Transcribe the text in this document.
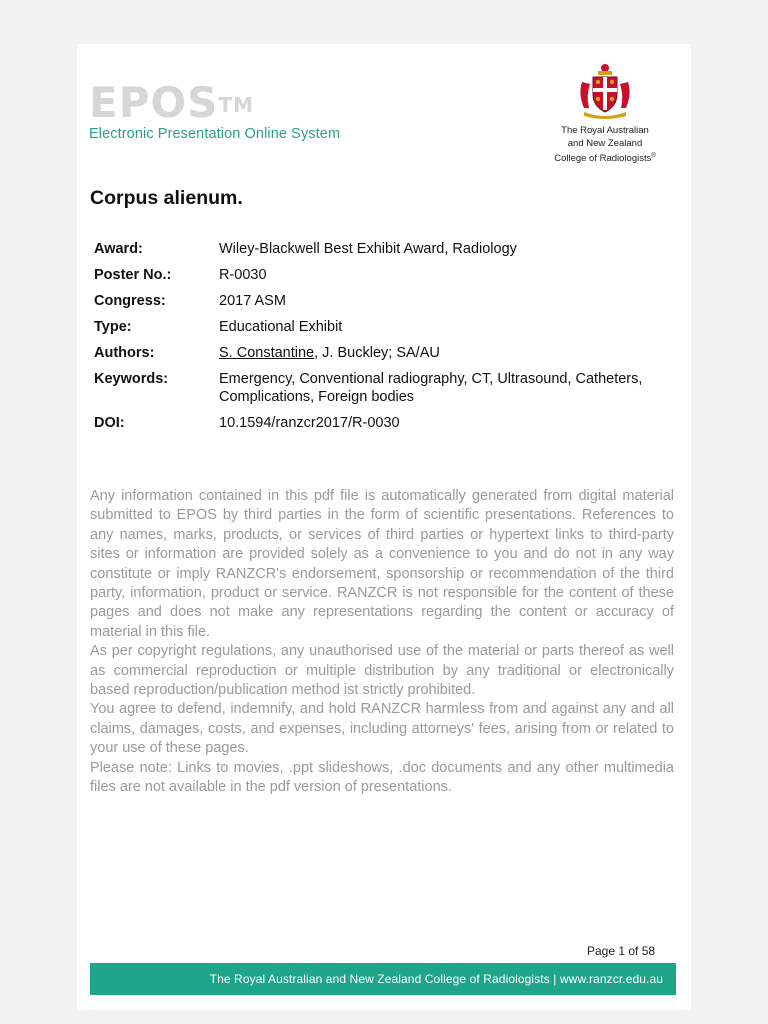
EPOS™
Electronic Presentation Online System	The Royal Australian
and New Zealand
College of Radiologists®
Corpus alienum.
Award:	Wiley-Blackwell Best Exhibit Award, Radiology
Poster No.:	R-0030
Congress:	2017 ASM
Type:	Educational Exhibit
Authors:	S. Constantine, J. Buckley; SA/AU
Keywords:	Emergency, Conventional radiography, CT, Ultrasound, Catheters, Complications, Foreign bodies
DOI:	10.1594/ranzcr2017/R-0030

Any information contained in this pdf file is automatically generated from digital material submitted to EPOS by third parties in the form of scientific presentations. References to any names, marks, products, or services of third parties or hypertext links to third-party sites or information are provided solely as a convenience to you and do not in any way constitute or imply RANZCR's endorsement, sponsorship or recommendation of the third party, information, product or service. RANZCR is not responsible for the content of these pages and does not make any representations regarding the content or accuracy of material in this file.

As per copyright regulations, any unauthorised use of the material or parts thereof as well as commercial reproduction or multiple distribution by any traditional or electronically based reproduction/publication method ist strictly prohibited.

You agree to defend, indemnify, and hold RANZCR harmless from and against any and all claims, damages, costs, and expenses, including attorneys' fees, arising from or related to your use of these pages.

Please note: Links to movies, .ppt slideshows, .doc documents and any other multimedia files are not available in the pdf version of presentations.

Page 1 of 58
The Royal Australian and New Zealand College of Radiologists | www.ranzcr.edu.au
